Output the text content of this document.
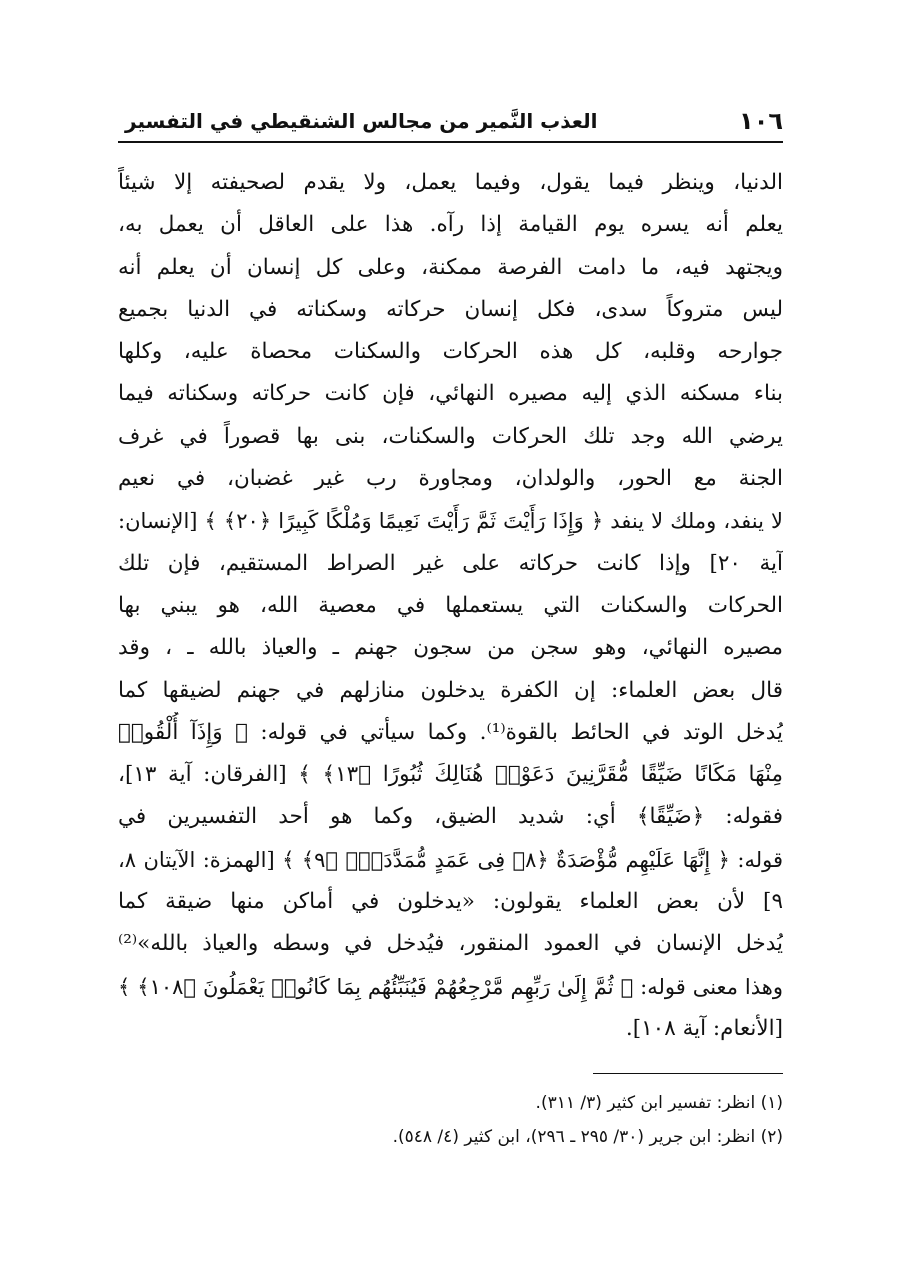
١٠٦
العذب النَّمير من مجالس الشنقيطي في التفسير
الدنيا، وينظر فيما يقول، وفيما يعمل، ولا يقدم لصحيفته إلا شيئاً
يعلم أنه يسره يوم القيامة إذا رآه. هذا على العاقل أن يعمل به،
ويجتهد فيه، ما دامت الفرصة ممكنة، وعلى كل إنسان أن يعلم أنه
ليس متروكاً سدى، فكل إنسان حركاته وسكناته في الدنيا بجميع
جوارحه وقلبه، كل هذه الحركات والسكنات محصاة عليه، وكلها
بناء مسكنه الذي إليه مصيره النهائي، فإن كانت حركاته وسكناته فيما
يرضي الله وجد تلك الحركات والسكنات، بنى بها قصوراً في غرف
الجنة مع الحور، والولدان، ومجاورة رب غير غضبان، في نعيم
لا ينفد، وملك لا ينفد ﴿ وَإِذَا رَأَيْتَ ثَمَّ رَأَيْتَ نَعِيمًا وَمُلْكًا كَبِيرًا ﴿٢٠﴾ ﴾ [الإنسان:
آية ٢٠] وإذا كانت حركاته على غير الصراط المستقيم، فإن تلك
الحركات والسكنات التي يستعملها في معصية الله، هو يبني بها
مصيره النهائي، وهو سجن من سجون جهنم ـ والعياذ بالله ـ ، وقد
قال بعض العلماء: إن الكفرة يدخلون منازلهم في جهنم لضيقها كما
يُدخل الوتد في الحائط بالقوة⁽¹⁾. وكما سيأتي في قوله: ﴿ وَإِذَآ أُلْقُوا۟
مِنْهَا مَكَانًا ضَيِّقًا مُّقَرَّنِينَ دَعَوْا۟ هُنَالِكَ ثُبُورًا ﴿١٣﴾ ﴾ [الفرقان: آية ١٣]،
فقوله: ﴿ضَيِّقًا﴾ أي: شديد الضيق، وكما هو أحد التفسيرين في
قوله: ﴿ إِنَّهَا عَلَيْهِم مُّؤْصَدَةٌ ﴿٨﴾ فِى عَمَدٍ مُّمَدَّدَةٍۭ ﴿٩﴾ ﴾ [الهمزة: الآيتان ٨،
٩] لأن بعض العلماء يقولون: «يدخلون في أماكن منها ضيقة كما
يُدخل الإنسان في العمود المنقور، فيُدخل في وسطه والعياذ بالله»⁽²⁾
وهذا معنى قوله: ﴿ ثُمَّ إِلَىٰ رَبِّهِم مَّرْجِعُهُمْ فَيُنَبِّئُهُم بِمَا كَانُوا۟ يَعْمَلُونَ ﴿١٠٨﴾ ﴾
[الأنعام: آية ١٠٨].
(١) انظر: تفسير ابن كثير (٣/ ٣١١).
(٢) انظر: ابن جرير (٣٠/ ٢٩٥ ـ ٢٩٦)، ابن كثير (٤/ ٥٤٨).
